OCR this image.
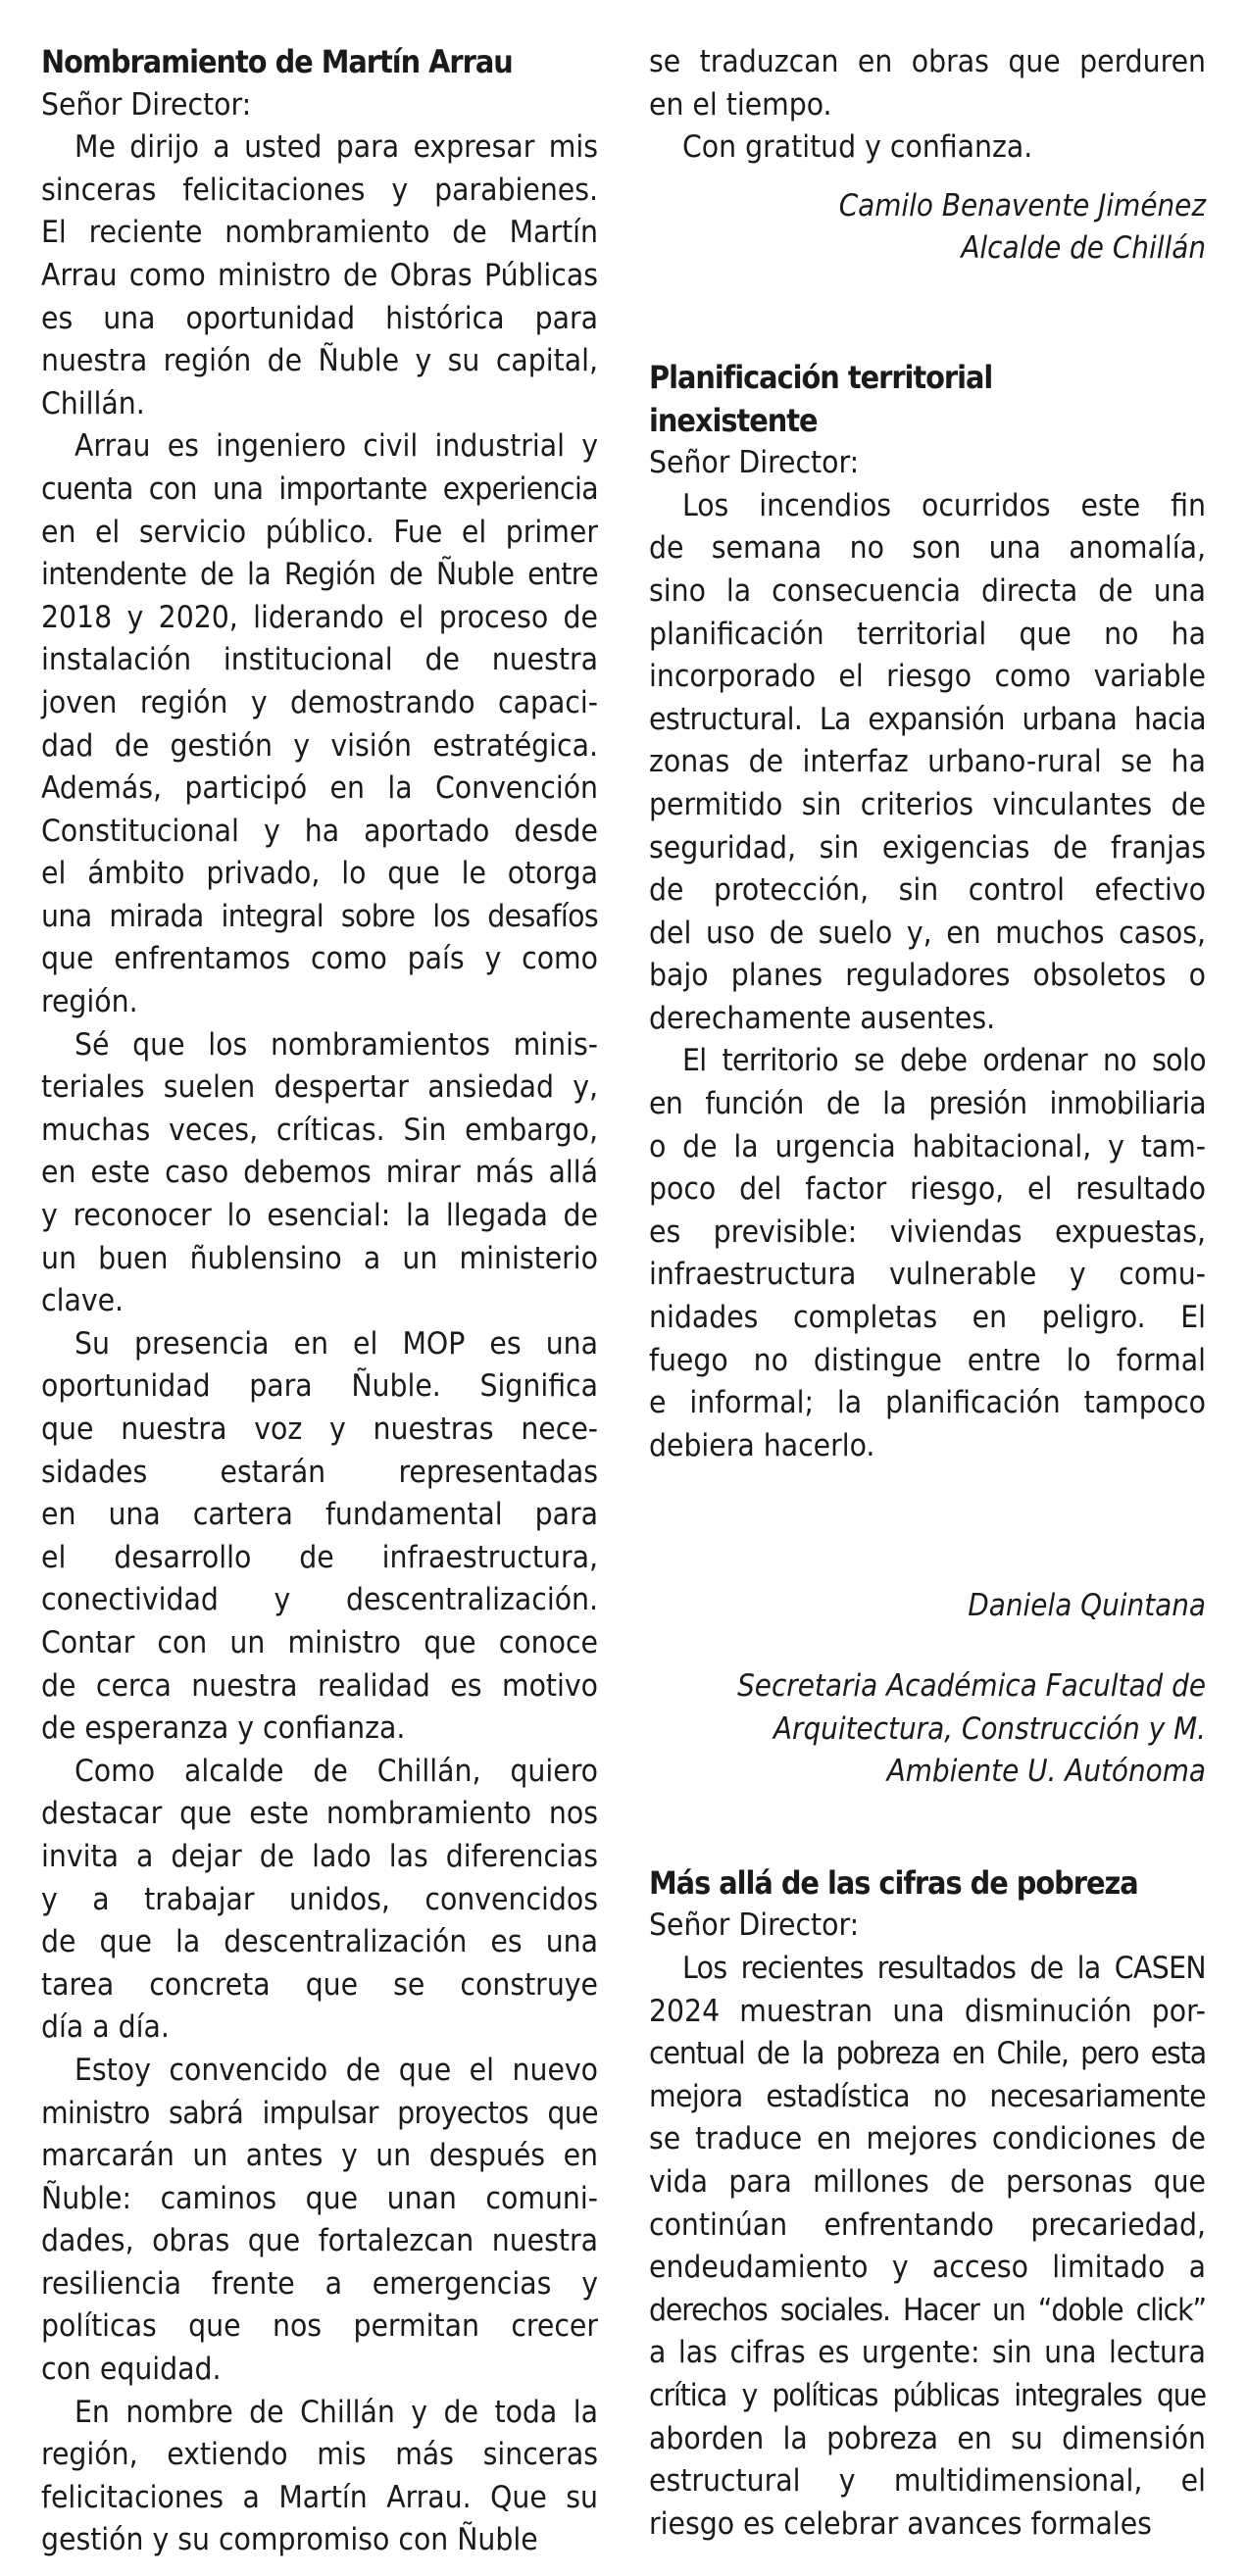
Nombramiento de Martín Arrau
Señor Director:
Me dirijo a usted para expresar mis
sinceras felicitaciones y parabienes.
El reciente nombramiento de Martín
Arrau como ministro de Obras Públicas
es una oportunidad histórica para
nuestra región de Ñuble y su capital,
Chillán.
Arrau es ingeniero civil industrial y
cuenta con una importante experiencia
en el servicio público. Fue el primer
intendente de la Región de Ñuble entre
2018 y 2020, liderando el proceso de
instalación institucional de nuestra
joven región y demostrando capaci-
dad de gestión y visión estratégica.
Además, participó en la Convención
Constitucional y ha aportado desde
el ámbito privado, lo que le otorga
una mirada integral sobre los desafíos
que enfrentamos como país y como
región.
Sé que los nombramientos minis-
teriales suelen despertar ansiedad y,
muchas veces, críticas. Sin embargo,
en este caso debemos mirar más allá
y reconocer lo esencial: la llegada de
un buen ñublensino a un ministerio
clave.
Su presencia en el MOP es una
oportunidad para Ñuble. Significa
que nuestra voz y nuestras nece-
sidades estarán representadas
en una cartera fundamental para
el desarrollo de infraestructura,
conectividad y descentralización.
Contar con un ministro que conoce
de cerca nuestra realidad es motivo
de esperanza y confianza.
Como alcalde de Chillán, quiero
destacar que este nombramiento nos
invita a dejar de lado las diferencias
y a trabajar unidos, convencidos
de que la descentralización es una
tarea concreta que se construye
día a día.
Estoy convencido de que el nuevo
ministro sabrá impulsar proyectos que
marcarán un antes y un después en
Ñuble: caminos que unan comuni-
dades, obras que fortalezcan nuestra
resiliencia frente a emergencias y
políticas que nos permitan crecer
con equidad.
En nombre de Chillán y de toda la
región, extiendo mis más sinceras
felicitaciones a Martín Arrau. Que su
gestión y su compromiso con Ñuble
se traduzcan en obras que perduren
en el tiempo.
Con gratitud y confianza.
Camilo Benavente Jiménez
Alcalde de Chillán
Planificación territorial
inexistente
Señor Director:
Los incendios ocurridos este fin
de semana no son una anomalía,
sino la consecuencia directa de una
planificación territorial que no ha
incorporado el riesgo como variable
estructural. La expansión urbana hacia
zonas de interfaz urbano-rural se ha
permitido sin criterios vinculantes de
seguridad, sin exigencias de franjas
de protección, sin control efectivo
del uso de suelo y, en muchos casos,
bajo planes reguladores obsoletos o
derechamente ausentes.
El territorio se debe ordenar no solo
en función de la presión inmobiliaria
o de la urgencia habitacional, y tam-
poco del factor riesgo, el resultado
es previsible: viviendas expuestas,
infraestructura vulnerable y comu-
nidades completas en peligro. El
fuego no distingue entre lo formal
e informal; la planificación tampoco
debiera hacerlo.
Daniela Quintana
Secretaria Académica Facultad de
Arquitectura, Construcción y M.
Ambiente U. Autónoma
Más allá de las cifras de pobreza
Señor Director:
Los recientes resultados de la CASEN
2024 muestran una disminución por-
centual de la pobreza en Chile, pero esta
mejora estadística no necesariamente
se traduce en mejores condiciones de
vida para millones de personas que
continúan enfrentando precariedad,
endeudamiento y acceso limitado a
derechos sociales. Hacer un “doble click”
a las cifras es urgente: sin una lectura
crítica y políticas públicas integrales que
aborden la pobreza en su dimensión
estructural y multidimensional, el
riesgo es celebrar avances formales
